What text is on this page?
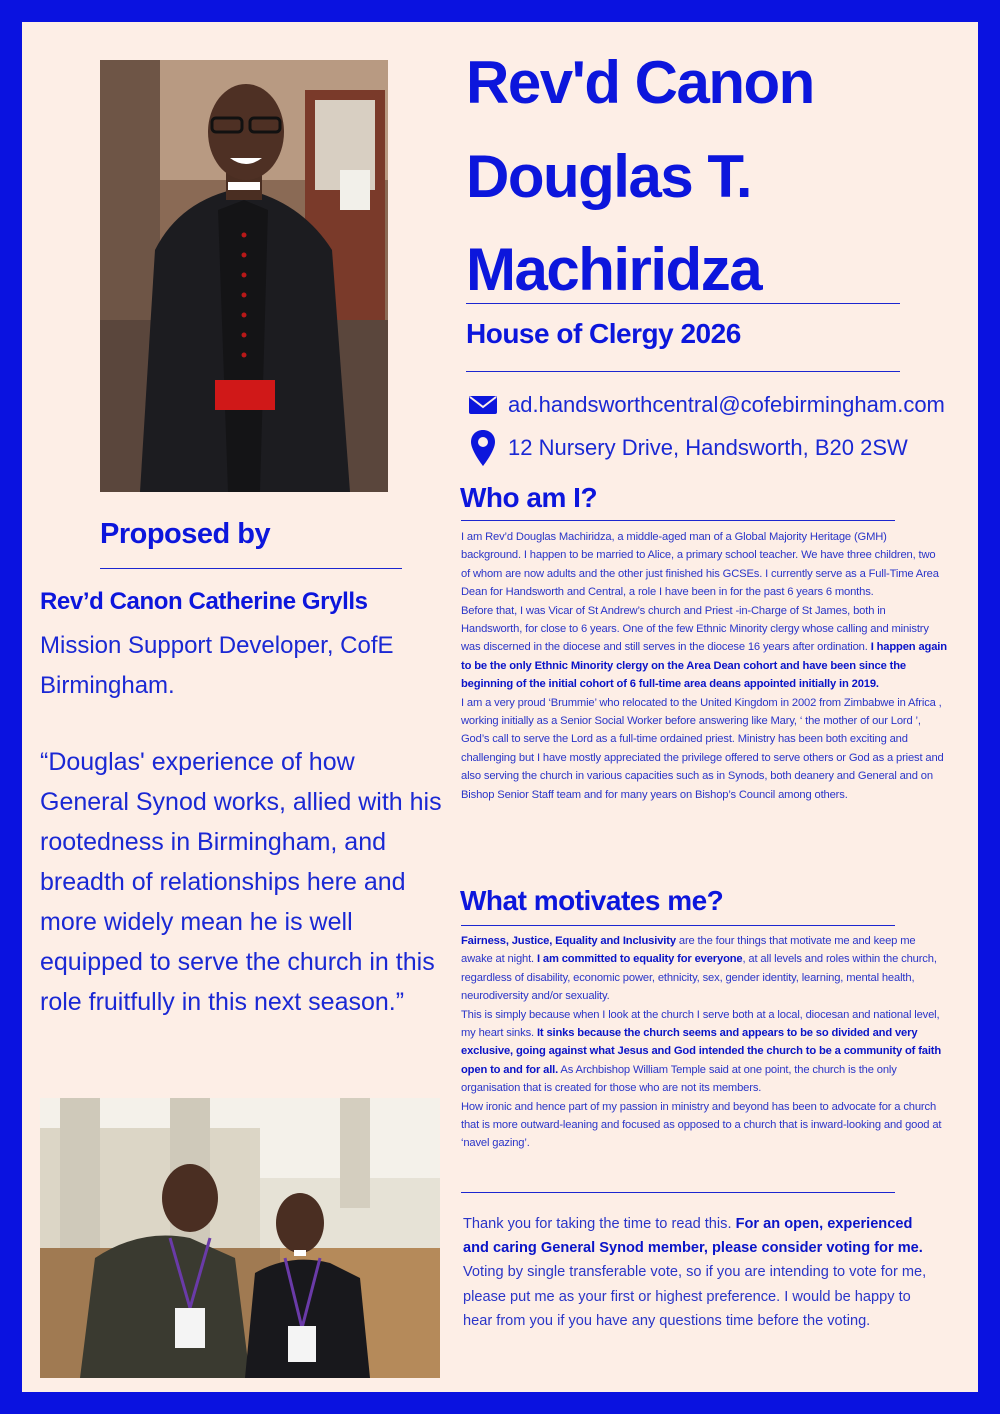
Rev'd Canon
Douglas T.
Machiridza
House of Clergy 2026
ad.handsworthcentral@cofebirmingham.com
12 Nursery Drive, Handsworth, B20 2SW
Who am I?

I am Rev’d Douglas Machiridza, a middle-aged man of a Global Majority Heritage (GMH) background. I happen to be married to Alice, a primary school teacher. We have three children, two of whom are now adults and the other just finished his GCSEs. I currently serve as a Full-Time Area Dean for Handsworth and Central, a role I have been in for the past 6 years 6 months.

Before that, I was Vicar of St Andrew’s church and Priest -in-Charge of St James, both in Handsworth, for close to 6 years. One of the few Ethnic Minority clergy whose calling and ministry was discerned in the diocese and still serves in the diocese 16 years after ordination. I happen again to be the only Ethnic Minority clergy on the Area Dean cohort and have been since the beginning of the initial cohort of 6 full-time area deans appointed initially in 2019.

I am a very proud ‘Brummie’ who relocated to the United Kingdom in 2002 from Zimbabwe in Africa , working initially as a Senior Social Worker before answering like Mary, ‘ the mother of our Lord ’, God’s call to serve the Lord as a full-time ordained priest. Ministry has been both exciting and challenging but I have mostly appreciated the privilege offered to serve others or God as a priest and also serving the church in various capacities such as in Synods, both deanery and General and on Bishop Senior Staff team and for many years on Bishop’s Council among others.

What motivates me?

Fairness, Justice, Equality and Inclusivity are the four things that motivate me and keep me awake at night. I am committed to equality for everyone, at all levels and roles within the church, regardless of disability, economic power, ethnicity, sex, gender identity, learning, mental health, neurodiversity and/or sexuality.

This is simply because when I look at the church I serve both at a local, diocesan and national level, my heart sinks. It sinks because the church seems and appears to be so divided and very exclusive, going against what Jesus and God intended the church to be a community of faith open to and for all. As Archbishop William Temple said at one point, the church is the only organisation that is created for those who are not its members.

How ironic and hence part of my passion in ministry and beyond has been to advocate for a church that is more outward-leaning and focused as opposed to a church that is inward-looking and good at ‘navel gazing’.

Thank you for taking the time to read this. For an open, experienced and caring General Synod member, please consider voting for me. Voting by single transferable vote, so if you are intending to vote for me, please put me as your first or highest preference. I would be happy to hear from you if you have any questions time before the voting.
Proposed by

Rev’d Canon Catherine Grylls

Mission Support Developer, CofE Birmingham.

“Douglas' experience of how General Synod works, allied with his rootedness in Birmingham, and breadth of relationships here and more widely mean he is well equipped to serve the church in this role fruitfully in this next season.”
